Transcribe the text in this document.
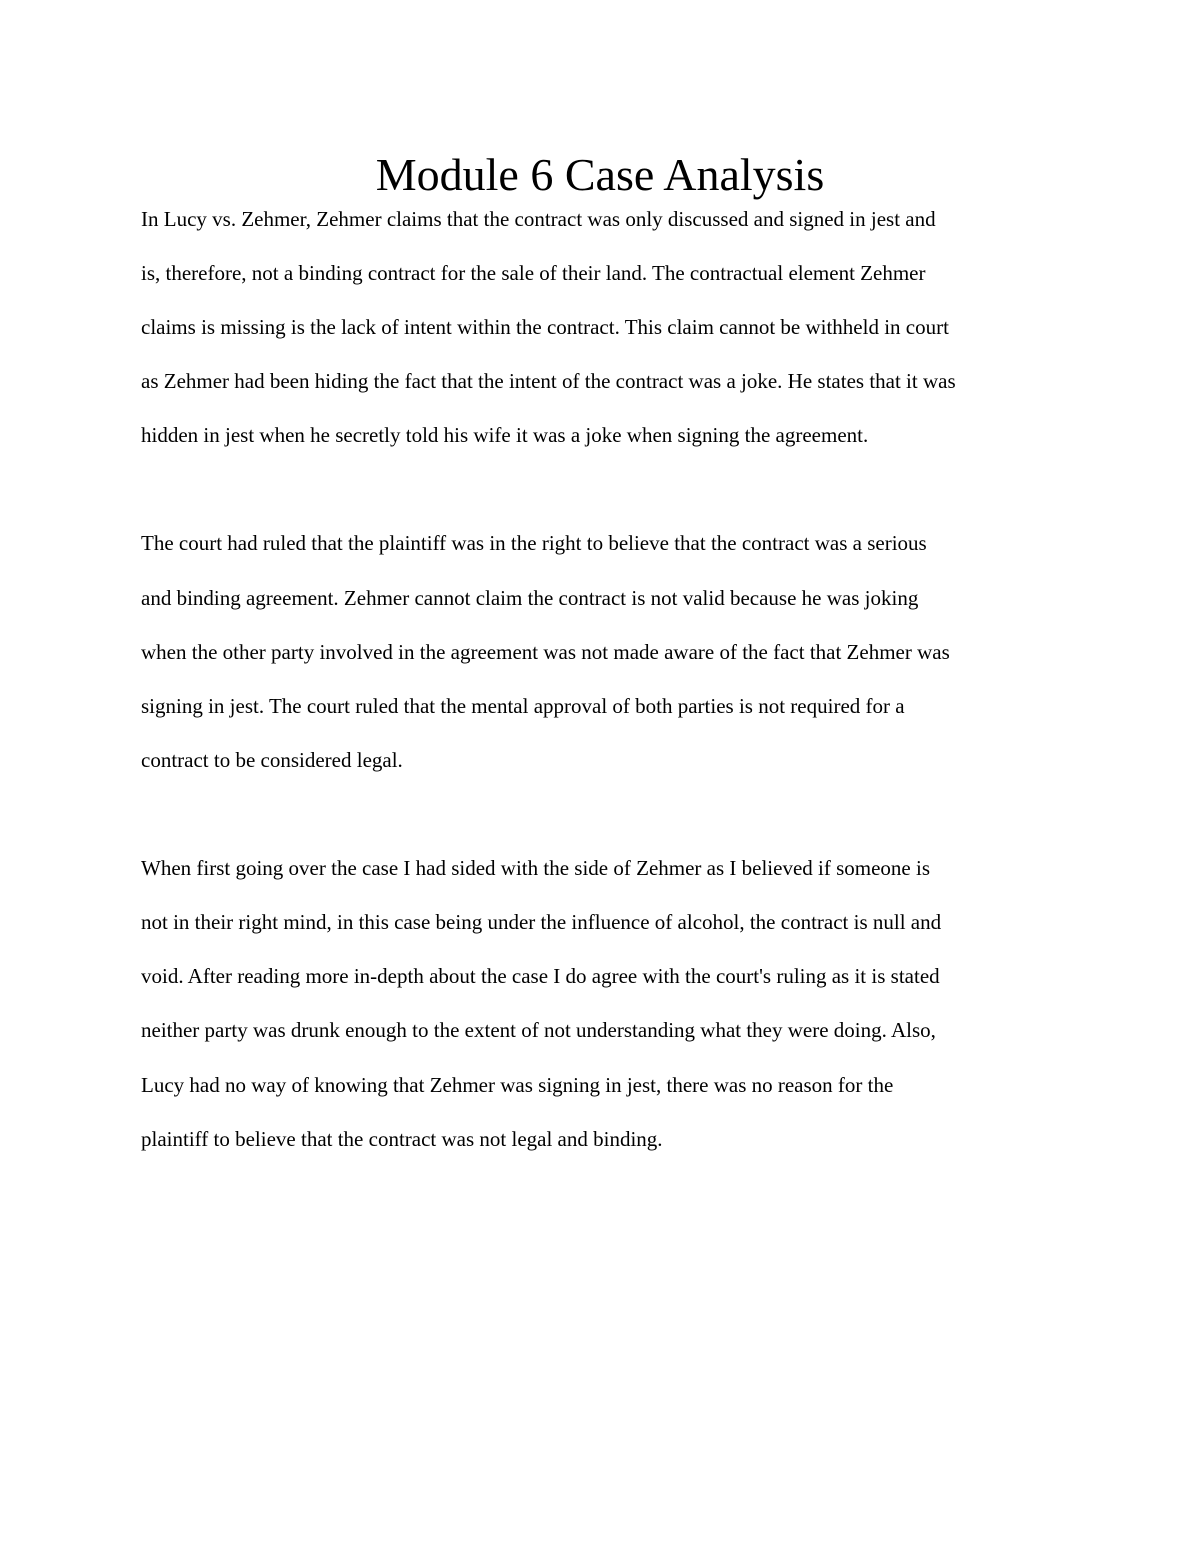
Module 6 Case Analysis

In Lucy vs. Zehmer, Zehmer claims that the contract was only discussed and signed in jest and

is, therefore, not a binding contract for the sale of their land. The contractual element Zehmer

claims is missing is the lack of intent within the contract. This claim cannot be withheld in court

as Zehmer had been hiding the fact that the intent of the contract was a joke. He states that it was

hidden in jest when he secretly told his wife it was a joke when signing the agreement.

The court had ruled that the plaintiff was in the right to believe that the contract was a serious

and binding agreement. Zehmer cannot claim the contract is not valid because he was joking

when the other party involved in the agreement was not made aware of the fact that Zehmer was

signing in jest. The court ruled that the mental approval of both parties is not required for a

contract to be considered legal.

When first going over the case I had sided with the side of Zehmer as I believed if someone is

not in their right mind, in this case being under the influence of alcohol, the contract is null and

void. After reading more in-depth about the case I do agree with the court's ruling as it is stated

neither party was drunk enough to the extent of not understanding what they were doing. Also,

Lucy had no way of knowing that Zehmer was signing in jest, there was no reason for the

plaintiff to believe that the contract was not legal and binding.
